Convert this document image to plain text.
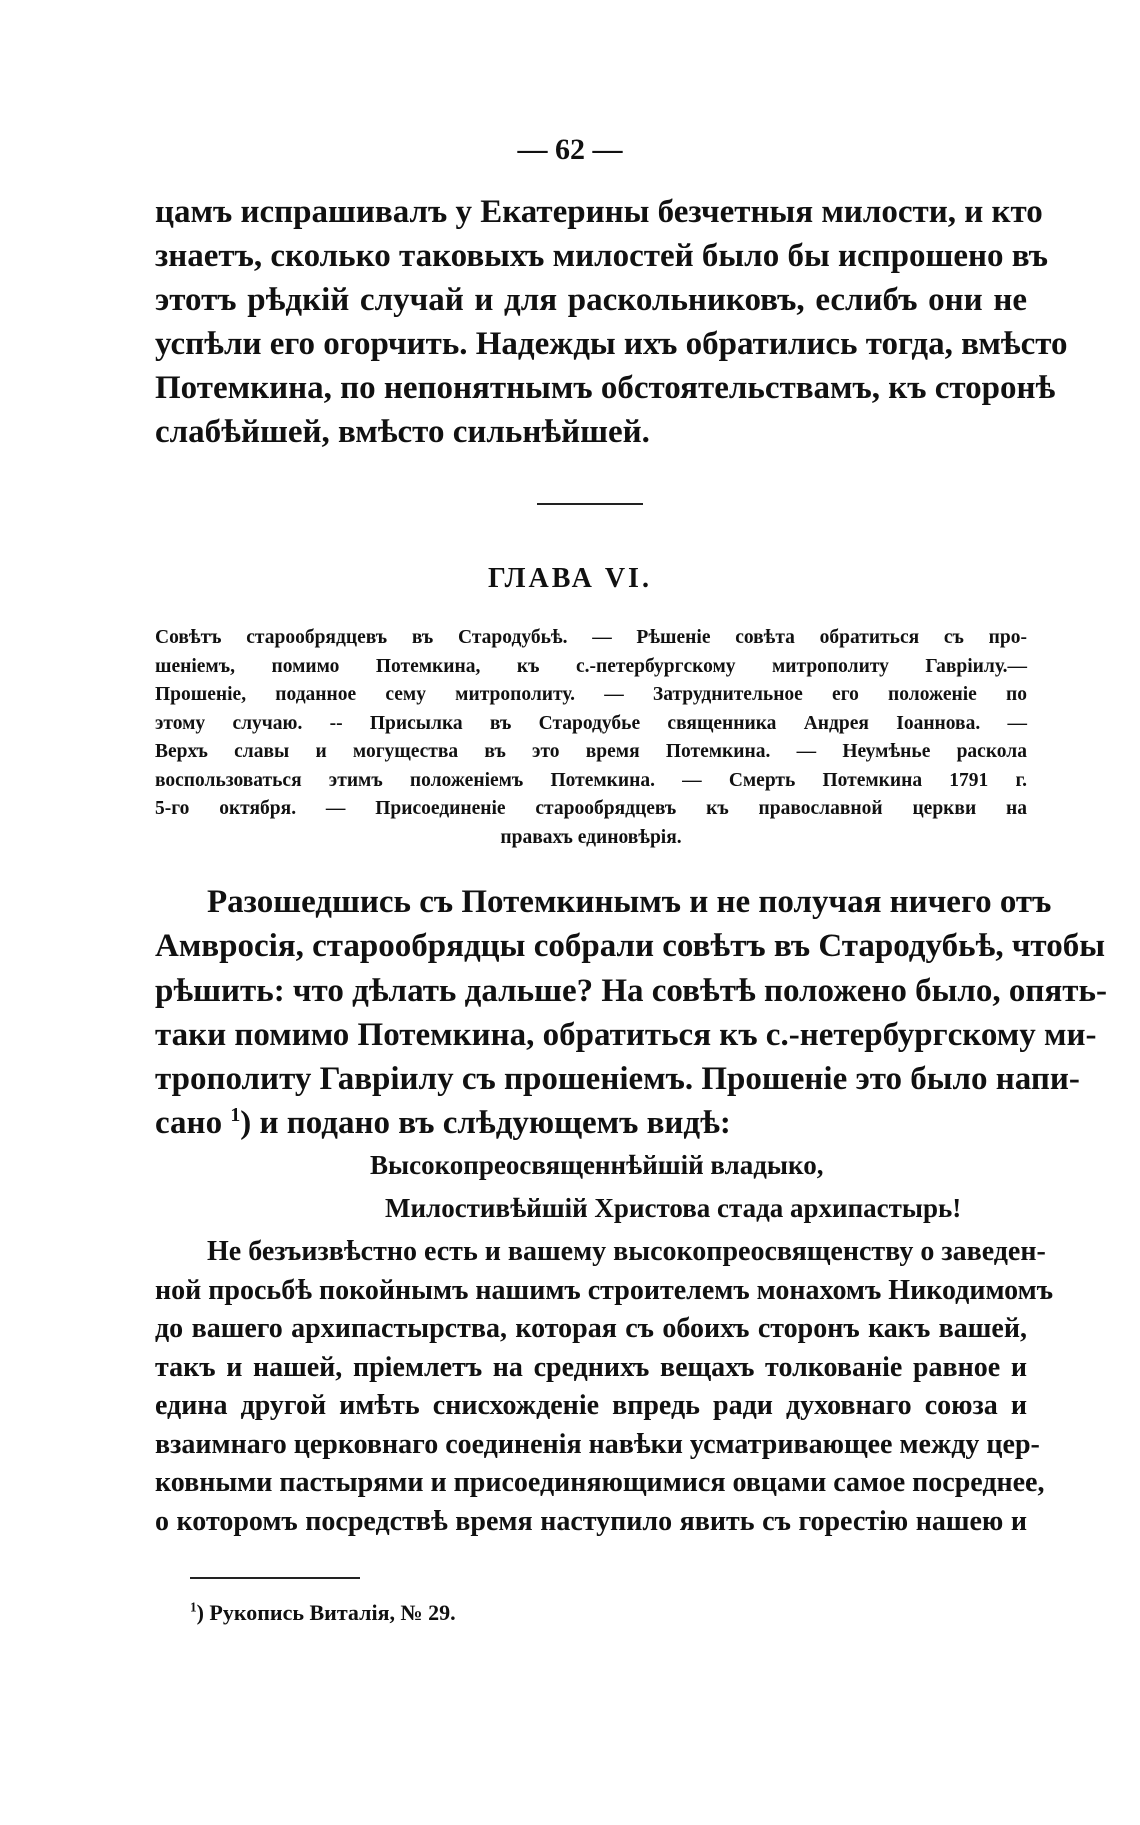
— 62 —
цамъ испрашивалъ у Екатерины безчетныя милости, и кто
знаетъ, сколько таковыхъ милостей было бы испрошено въ
этотъ рѣдкій случай и для раскольниковъ, еслибъ они не
успѣли его огорчить. Надежды ихъ обратились тогда, вмѣсто
Потемкина, по непонятнымъ обстоятельствамъ, къ сторонѣ
слабѣйшей, вмѣсто сильнѣйшей.
ГЛАВА VI.
Совѣтъ старообрядцевъ въ Стародубьѣ. — Рѣшеніе совѣта обратиться съ про-
шеніемъ, помимо Потемкина, къ с.-петербургскому митрополиту Гавріилу.—
Прошеніе, поданное сему митрополиту. — Затруднительное его положеніе по
этому случаю. -- Присылка въ Стародубье священника Андрея Іоаннова. —
Верхъ славы и могущества въ это время Потемкина. — Неумѣнье раскола
воспользоваться этимъ положеніемъ Потемкина. — Смерть Потемкина 1791 г.
5-го октября. — Присоединеніе старообрядцевъ къ православной церкви на
правахъ единовѣрія.
Разошедшись съ Потемкинымъ и не получая ничего отъ
Амвросія, старообрядцы собрали совѣтъ въ Стародубьѣ, чтобы
рѣшить: что дѣлать дальше? На совѣтѣ положено было, опять-
таки помимо Потемкина, обратиться къ с.-нетербургскому ми-
трополиту Гавріилу съ прошеніемъ. Прошеніе это было напи-
сано $^1$) и подано въ слѣдующемъ видѣ:
Высокопреосвященнѣйшій владыко,
Милостивѣйшій Христова стада архипастырь!
Не безъизвѣстно есть и вашему высокопреосвященству о заведен-
ной просьбѣ покойнымъ нашимъ строителемъ монахомъ Никодимомъ
до вашего архипастырства, которая съ обоихъ сторонъ какъ вашей,
такъ и нашей, пріемлетъ на среднихъ вещахъ толкованіе равное и
едина другой имѣть снисхожденіе впредь ради духовнаго союза и
взаимнаго церковнаго соединенія навѣки усматривающее между цер-
ковными пастырями и присоединяющимися овцами самое посреднее,
о которомъ посредствѣ время наступило явить съ горестію нашею и
$^1$) Рукопись Виталія, № 29.
